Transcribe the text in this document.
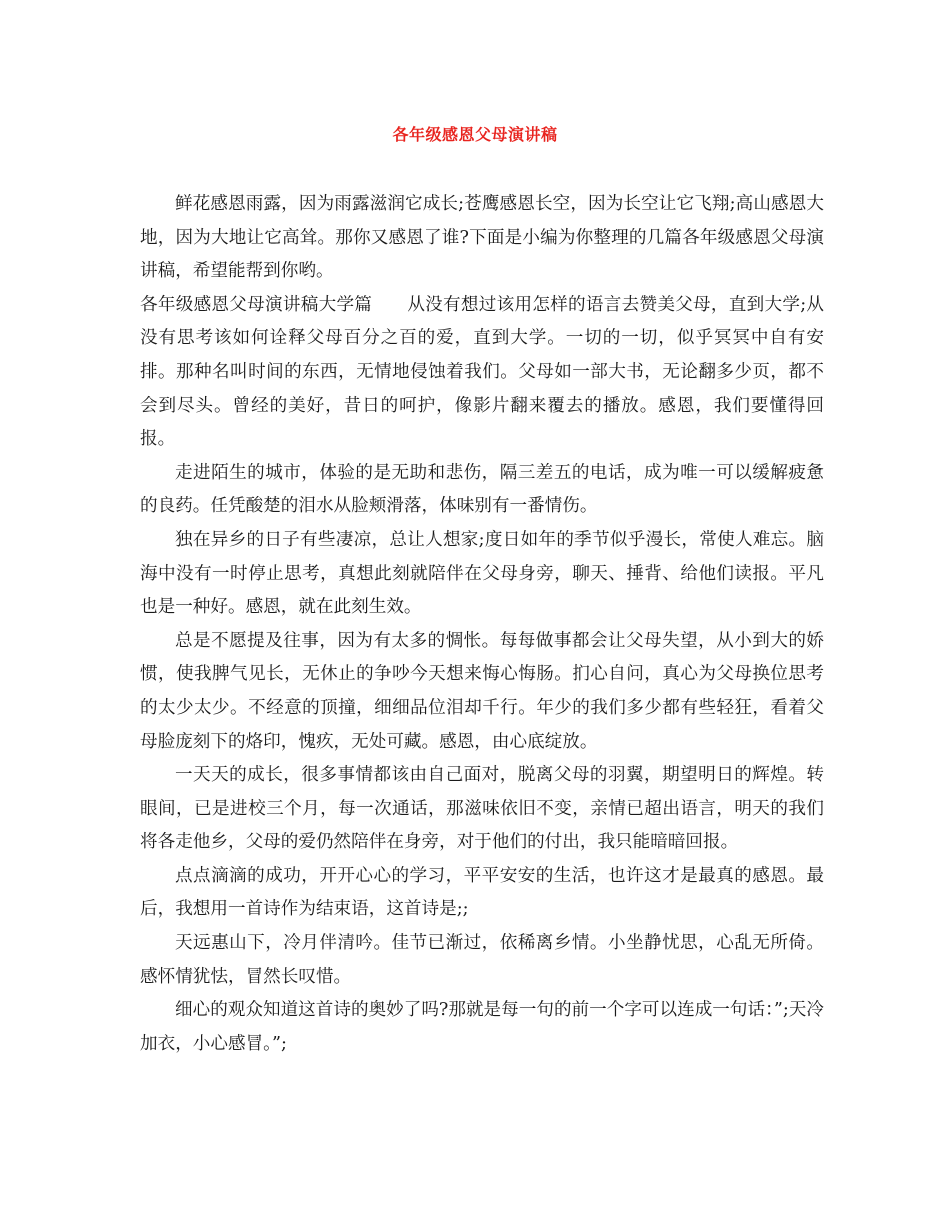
各年级感恩父母演讲稿

鲜花感恩雨露，因为雨露滋润它成长;苍鹰感恩长空，因为长空让它飞翔;高山感恩大地，因为大地让它高耸。那你又感恩了谁?下面是小编为你整理的几篇各年级感恩父母演讲稿，希望能帮到你哟。

各年级感恩父母演讲稿大学篇 从没有想过该用怎样的语言去赞美父母，直到大学;从没有思考该如何诠释父母百分之百的爱，直到大学。一切的一切，似乎冥冥中自有安排。那种名叫时间的东西，无情地侵蚀着我们。父母如一部大书，无论翻多少页，都不会到尽头。曾经的美好，昔日的呵护，像影片翻来覆去的播放。感恩，我们要懂得回报。

走进陌生的城市，体验的是无助和悲伤，隔三差五的电话，成为唯一可以缓解疲惫的良药。任凭酸楚的泪水从脸颊滑落，体味别有一番情伤。

独在异乡的日子有些凄凉，总让人想家;度日如年的季节似乎漫长，常使人难忘。脑海中没有一时停止思考，真想此刻就陪伴在父母身旁，聊天、捶背、给他们读报。平凡也是一种好。感恩，就在此刻生效。

总是不愿提及往事，因为有太多的惆怅。每每做事都会让父母失望，从小到大的娇惯，使我脾气见长，无休止的争吵今天想来悔心悔肠。扪心自问，真心为父母换位思考的太少太少。不经意的顶撞，细细品位泪却千行。年少的我们多少都有些轻狂，看着父母脸庞刻下的烙印，愧疚，无处可藏。感恩，由心底绽放。

一天天的成长，很多事情都该由自己面对，脱离父母的羽翼，期望明日的辉煌。转眼间，已是进校三个月，每一次通话，那滋味依旧不变，亲情已超出语言，明天的我们将各走他乡，父母的爱仍然陪伴在身旁，对于他们的付出，我只能暗暗回报。

点点滴滴的成功，开开心心的学习，平平安安的生活，也许这才是最真的感恩。最后，我想用一首诗作为结束语，这首诗是;;

天远惠山下，冷月伴清吟。佳节已渐过，依稀离乡情。小坐静忧思，心乱无所倚。感怀情犹怯，冒然长叹惜。

细心的观众知道这首诗的奥妙了吗?那就是每一句的前一个字可以连成一句话：”;天冷加衣，小心感冒。”;
